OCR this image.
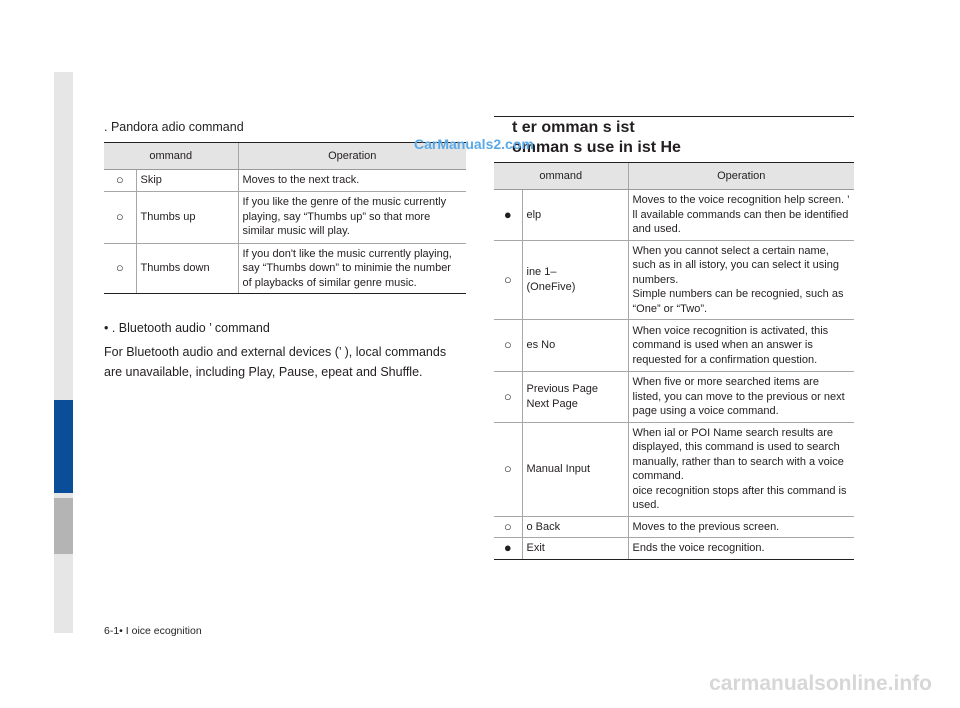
. Pandora adio command
ommand		Operation
○	Skip	Moves to the next track.
○	Thumbs up	If you like the genre of the music currently playing, say “Thumbs up” so that more similar music will play.
○	Thumbs down	If you don't like the music currently playing, say “Thumbs down” to minimie the number of playbacks of similar genre music.
• . Bluetooth audio ’ command
For Bluetooth audio and external devices (’ ), local commands are unavailable, including Play, Pause, epeat and Shuffle.
t er omman s ist
omman s use in ist He
CarManuals2.com
ommand		Operation
●	elp	Moves to the voice recognition help screen. ’ ll available commands can then be identified and used.
○	ine 1–
(OneFive)	When you cannot select a certain name, such as in all istory, you can select it using numbers.
Simple numbers can be recognied, such as “One” or “Two”.
○	es No	When voice recognition is activated, this command is used when an answer is requested for a confirmation question.
○	Previous Page
Next Page	When five or more searched items are listed, you can move to the previous or next page using a voice command.
○	Manual Input	When ial or POI Name search results are displayed, this command is used to search manually, rather than to search with a voice command.
oice recognition stops after this command is used.
○	o Back	Moves to the previous screen.
●	Exit	Ends the voice recognition.
6-1• I oice ecognition
carmanualsonline.info
